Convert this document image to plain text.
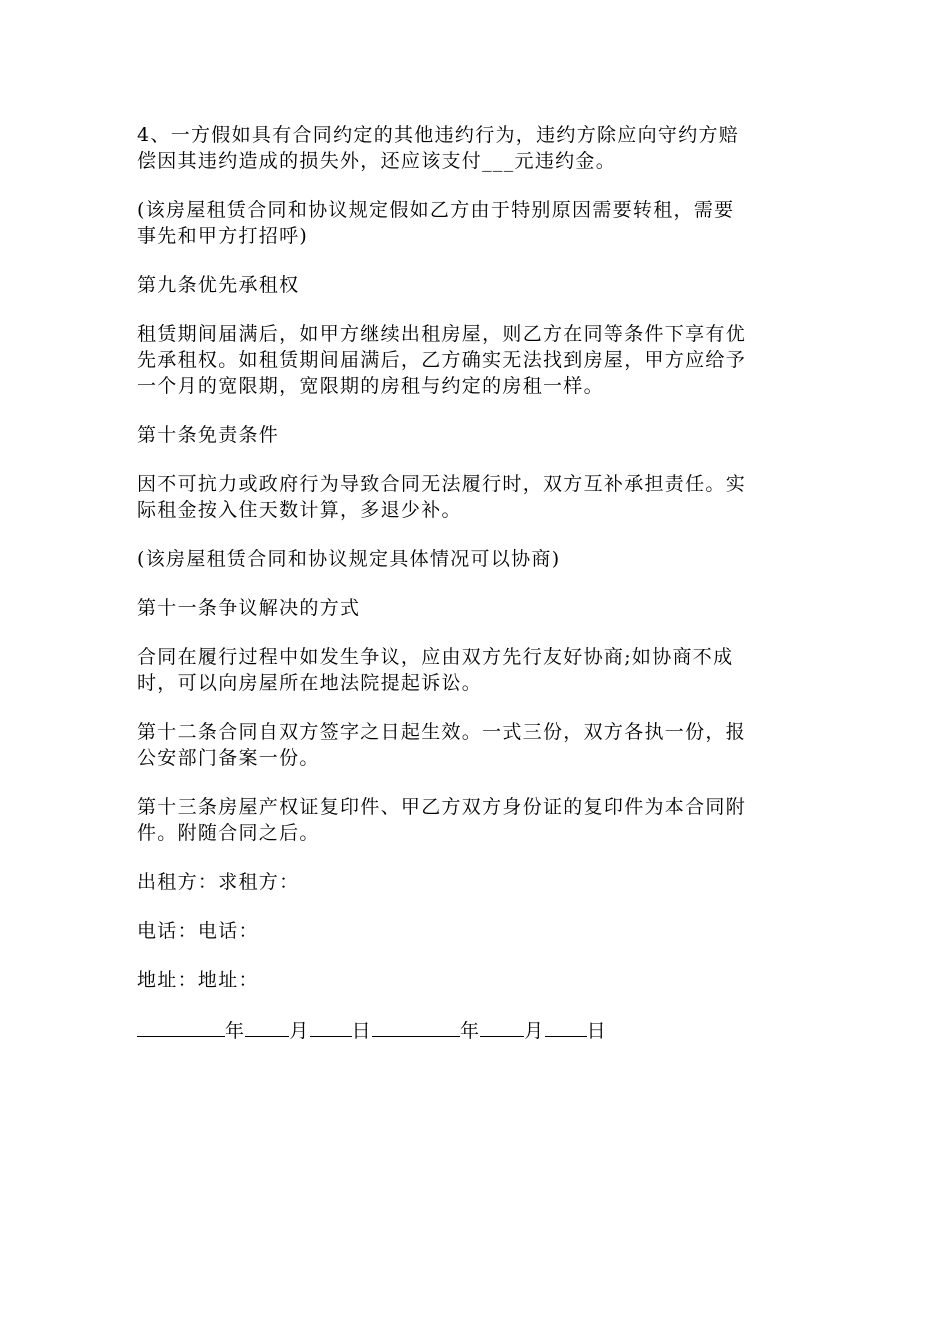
4、一方假如具有合同约定的其他违约行为，违约方除应向守约方赔
偿因其违约造成的损失外，还应该支付___元违约金。

(该房屋租赁合同和协议规定假如乙方由于特别原因需要转租，需要
事先和甲方打招呼)

第九条优先承租权

租赁期间届满后，如甲方继续出租房屋，则乙方在同等条件下享有优
先承租权。如租赁期间届满后，乙方确实无法找到房屋，甲方应给予
一个月的宽限期，宽限期的房租与约定的房租一样。

第十条免责条件

因不可抗力或政府行为导致合同无法履行时，双方互补承担责任。实
际租金按入住天数计算，多退少补。

(该房屋租赁合同和协议规定具体情况可以协商)

第十一条争议解决的方式

合同在履行过程中如发生争议，应由双方先行友好协商;如协商不成
时，可以向房屋所在地法院提起诉讼。

第十二条合同自双方签字之日起生效。一式三份，双方各执一份，报
公安部门备案一份。

第十三条房屋产权证复印件、甲乙方双方身份证的复印件为本合同附
件。附随合同之后。

出租方：求租方：

电话：电话：

地址：地址：

年 月 日	年 月 日
